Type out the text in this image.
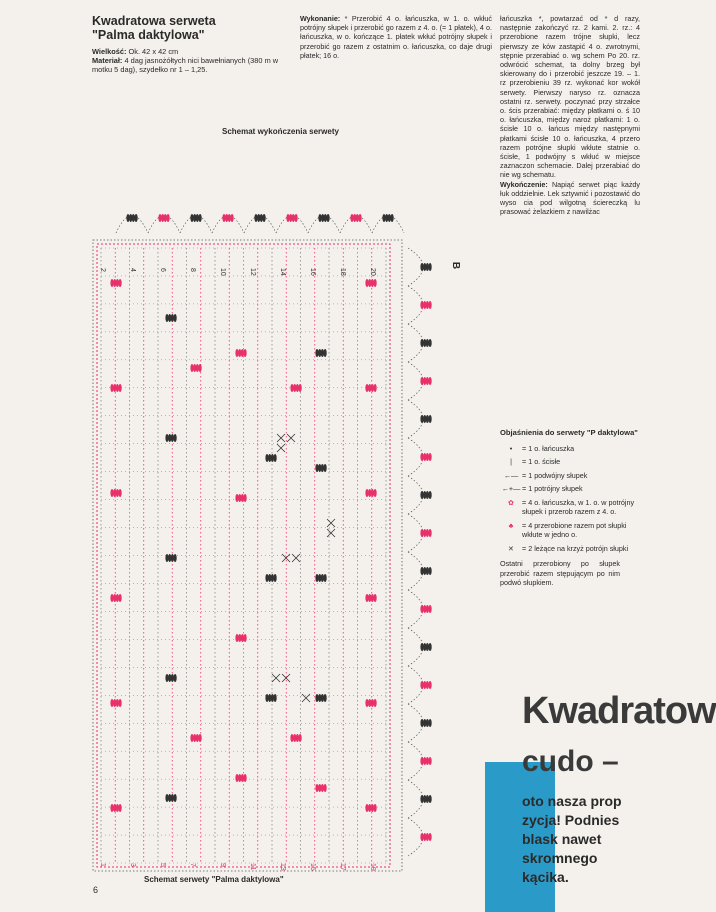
Kwadratowa serweta
"Palma daktylowa"
Wielkość: Ok. 42 x 42 cm
Materiał: 4 dag jasnożółtych nici bawełnianych (380 m w motku 5 dag), szydełko nr 1 – 1,25.
Wykonanie: * Przerobić 4 o. łańcuszka, w 1. o. wkłuć potrójny słupek i przerobić go razem z 4. o. (= 1 płatek), 4 o. łańcuszka, w o. kończące 1. płatek wkłuć potrójny słupek i przerobić go razem z ostatnim o. łańcuszka, co daje drugi płatek; 16 o.
łańcuszka *, powtarzać od * d razy, następnie zakończyć rz. 2 kami. 2. rz.: 4 przerobione razem trójne słupki, lecz pierwszy ze ków zastąpić 4 o. zwrotnymi, stępnie przerabiać o. wg schem Po 20. rz. odwrócić schemat, ta dolny brzeg był skierowany do i przerobić jeszcze 19. – 1. rz przerobieniu 39 rz. wykonać kor wokół serwety. Pierwszy naryso rz. oznacza ostatni rz. serwety. poczynać przy strzałce o. ścis przerabiać: między płatkami o. ś 10 o. łańcuszka, między naroż płatkami: 1 o. ścisłe 10 o. łańcus między następnymi płatkami ścisłe 10 o. łańcuszka, 4 przero razem potrójne słupki wkłute statnie o. ścisłe, 1 podwójny s wkłuć w miejsce zaznaczon schemacie. Dalej przerabiać do nie wg schematu.
Wykończenie: Napiąć serwet piąc każdy łuk oddzielnie. Lek sztywnić i pozostawić do wyso cia pod wilgotną ściereczką lu prasować żelazkiem z nawilżac
Schemat wykończenia serwety
2	4	6	8	10	12	14	16	18	20
1	3	5	7	9	11	13	15	17	19
B
Objaśnienia do serwety "P daktylowa"
•	= 1 o. łańcuszka
|	= 1 o. ścisłe
←— = 1 podwójny słupek
←+— = 1 potrójny słupek
✿	= 4 o. łańcuszka, w 1. o. w potrójny słupek i przerob razem z 4. o.
♣	= 4 przerobione razem pot słupki wkłute w jedno o.
✕	= 2 leżące na krzyż potrójn słupki
Ostatni przerobiony po słupek przerobić razem stępującym po nim podwó słupkiem.
Kwadratow
cudo –
oto nasza prop
zycja! Podnies
blask nawet
skromnego
kącika.
6
Schemat serwety "Palma daktylowa"
